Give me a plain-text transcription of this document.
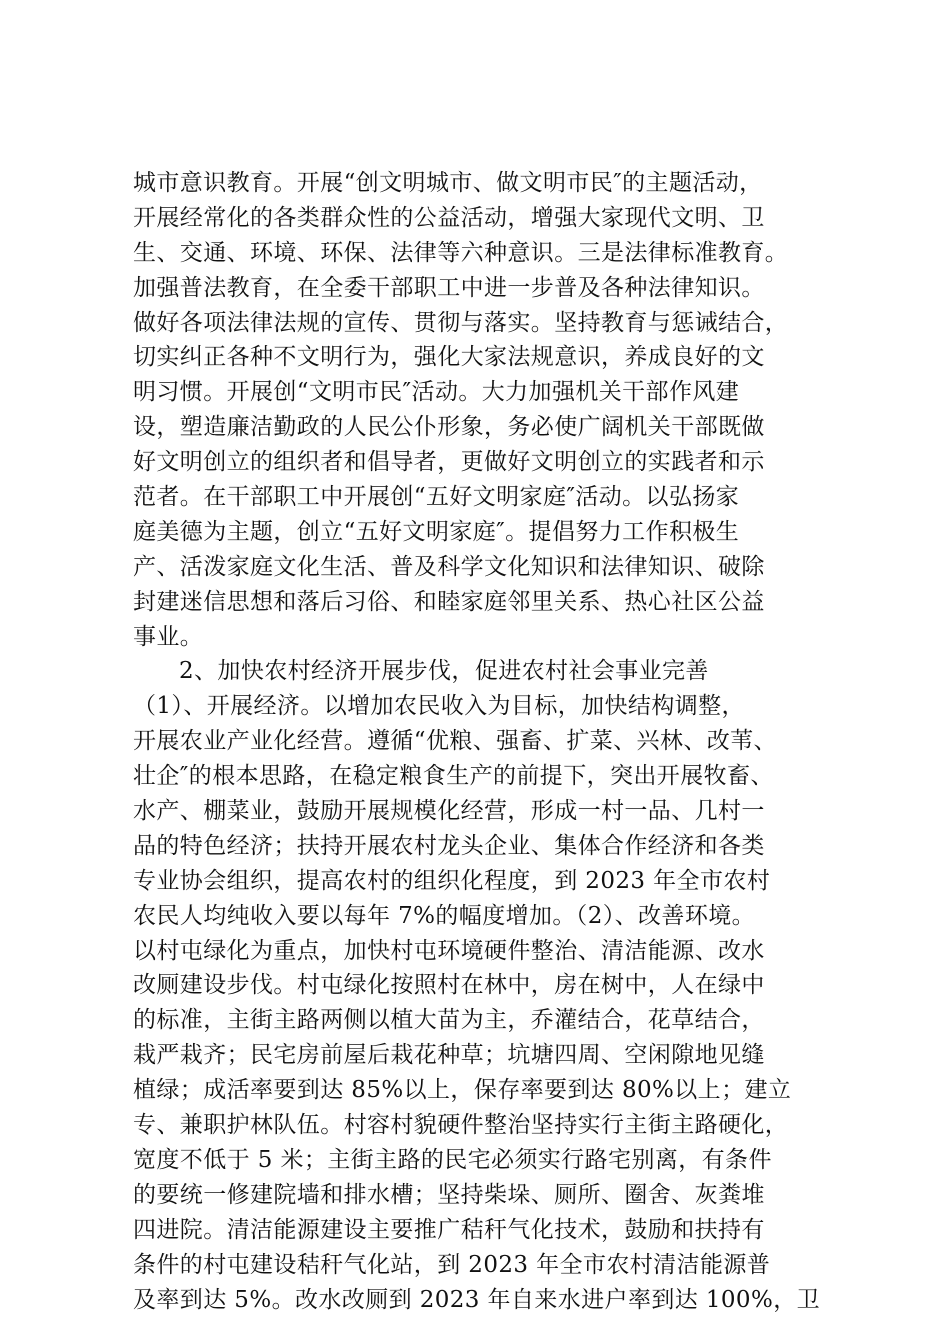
城市意识教育。开展“创文明城市、做文明市民″的主题活动，
开展经常化的各类群众性的公益活动，增强大家现代文明、卫
生、交通、环境、环保、法律等六种意识。三是法律标准教育。
加强普法教育，在全委干部职工中进一步普及各种法律知识。
做好各项法律法规的宣传、贯彻与落实。坚持教育与惩诫结合，
切实纠正各种不文明行为，强化大家法规意识，养成良好的文
明习惯。开展创“文明市民″活动。大力加强机关干部作风建
设，塑造廉洁勤政的人民公仆形象，务必使广阔机关干部既做
好文明创立的组织者和倡导者，更做好文明创立的实践者和示
范者。在干部职工中开展创“五好文明家庭″活动。以弘扬家
庭美德为主题，创立“五好文明家庭″。提倡努力工作积极生
产、活泼家庭文化生活、普及科学文化知识和法律知识、破除
封建迷信思想和落后习俗、和睦家庭邻里关系、热心社区公益
事业。
2、加快农村经济开展步伐，促进农村社会事业完善
（1）、开展经济。以增加农民收入为目标，加快结构调整，
开展农业产业化经营。遵循“优粮、强畜、扩菜、兴林、改苇、
壮企″的根本思路，在稳定粮食生产的前提下，突出开展牧畜、
水产、棚菜业，鼓励开展规模化经营，形成一村一品、几村一
品的特色经济；扶持开展农村龙头企业、集体合作经济和各类
专业协会组织，提高农村的组织化程度，到 2023 年全市农村
农民人均纯收入要以每年 7%的幅度增加。（2）、改善环境。
以村屯绿化为重点，加快村屯环境硬件整治、清洁能源、改水
改厕建设步伐。村屯绿化按照村在林中，房在树中，人在绿中
的标准，主街主路两侧以植大苗为主，乔灌结合，花草结合，
栽严栽齐；民宅房前屋后栽花种草；坑塘四周、空闲隙地见缝
植绿；成活率要到达 85%以上，保存率要到达 80%以上；建立
专、兼职护林队伍。村容村貌硬件整治坚持实行主街主路硬化，
宽度不低于 5 米；主街主路的民宅必须实行路宅别离，有条件
的要统一修建院墙和排水槽；坚持柴垛、厕所、圈舍、灰粪堆
四进院。清洁能源建设主要推广秸秆气化技术，鼓励和扶持有
条件的村屯建设秸秆气化站，到 2023 年全市农村清洁能源普
及率到达 5%。改水改厕到 2023 年自来水进户率到达 100%，卫
